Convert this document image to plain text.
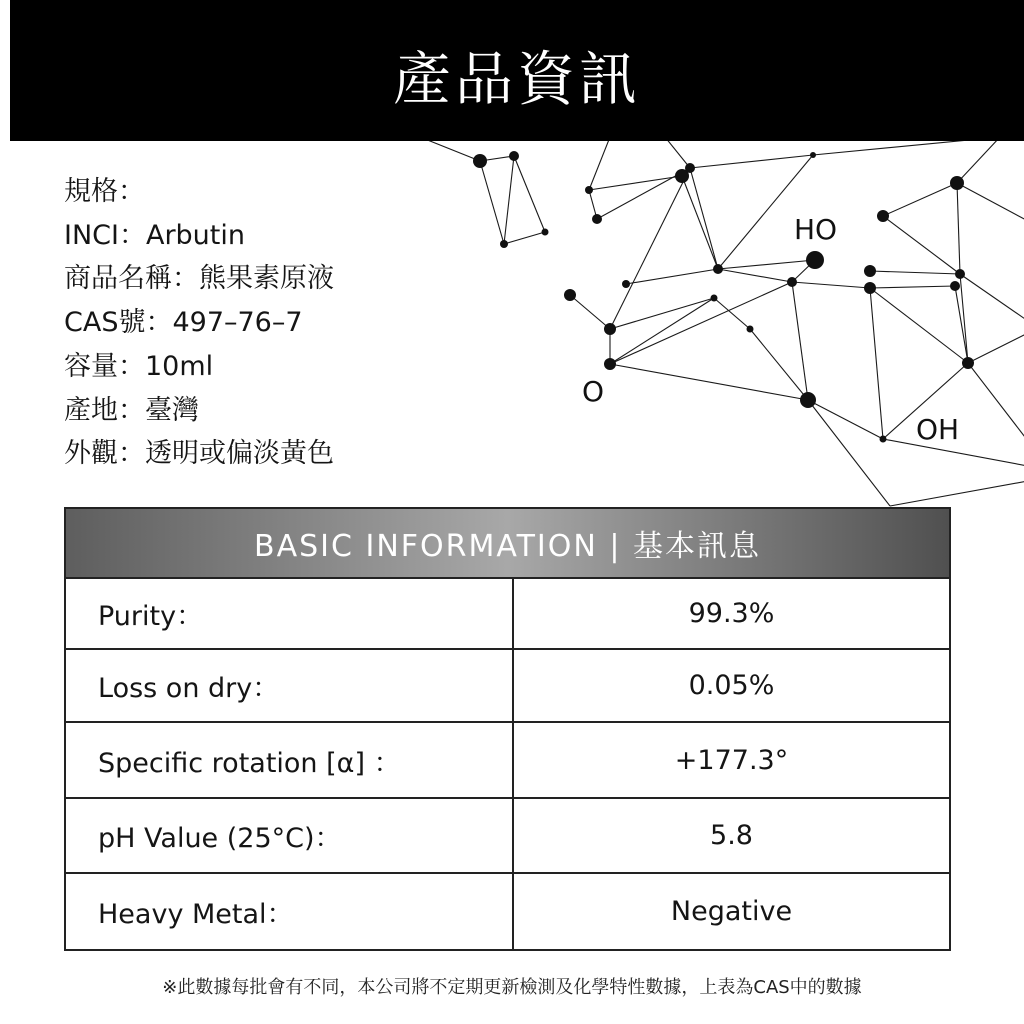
產品資訊
HO
O
OH
規格：
INCI：Arbutin
商品名稱：熊果素原液
CAS號：497–76–7
容量：10ml
產地：臺灣
外觀：透明或偏淡黃色
BASIC INFORMATION | 基本訊息	
Purity：	99.3%
Loss on dry：	0.05%
Specific rotation [α] ：	+177.3°
pH Value (25°C)：	5.8
Heavy Metal：	Negative
※此數據每批會有不同，本公司將不定期更新檢測及化學特性數據，上表為CAS中的數據
